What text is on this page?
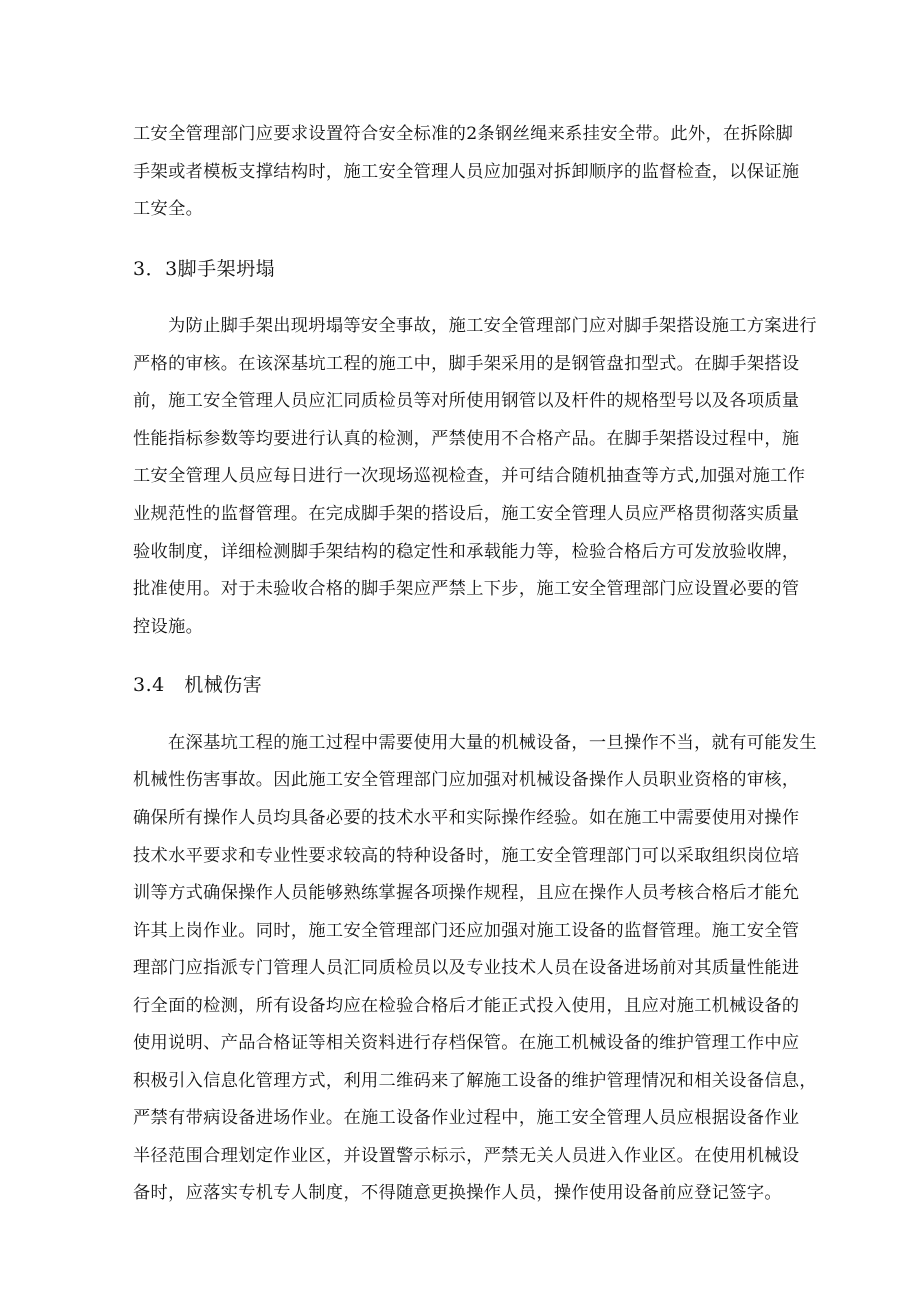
工安全管理部门应要求设置符合安全标准的2条钢丝绳来系挂安全带。此外，在拆除脚
手架或者模板支撑结构时，施工安全管理人员应加强对拆卸顺序的监督检查，以保证施
工安全。
3．3脚手架坍塌
为防止脚手架出现坍塌等安全事故，施工安全管理部门应对脚手架搭设施工方案进行
严格的审核。在该深基坑工程的施工中，脚手架采用的是钢管盘扣型式。在脚手架搭设
前，施工安全管理人员应汇同质检员等对所使用钢管以及杆件的规格型号以及各项质量
性能指标参数等均要进行认真的检测，严禁使用不合格产品。在脚手架搭设过程中，施
工安全管理人员应每日进行一次现场巡视检查，并可结合随机抽查等方式,加强对施工作
业规范性的监督管理。在完成脚手架的搭设后，施工安全管理人员应严格贯彻落实质量
验收制度，详细检测脚手架结构的稳定性和承载能力等，检验合格后方可发放验收牌，
批准使用。对于未验收合格的脚手架应严禁上下步，施工安全管理部门应设置必要的管
控设施。
3.4　机械伤害
在深基坑工程的施工过程中需要使用大量的机械设备，一旦操作不当，就有可能发生
机械性伤害事故。因此施工安全管理部门应加强对机械设备操作人员职业资格的审核，
确保所有操作人员均具备必要的技术水平和实际操作经验。如在施工中需要使用对操作
技术水平要求和专业性要求较高的特种设备时，施工安全管理部门可以采取组织岗位培
训等方式确保操作人员能够熟练掌握各项操作规程，且应在操作人员考核合格后才能允
许其上岗作业。同时，施工安全管理部门还应加强对施工设备的监督管理。施工安全管
理部门应指派专门管理人员汇同质检员以及专业技术人员在设备进场前对其质量性能进
行全面的检测，所有设备均应在检验合格后才能正式投入使用，且应对施工机械设备的
使用说明、产品合格证等相关资料进行存档保管。在施工机械设备的维护管理工作中应
积极引入信息化管理方式，利用二维码来了解施工设备的维护管理情况和相关设备信息，
严禁有带病设备进场作业。在施工设备作业过程中，施工安全管理人员应根据设备作业
半径范围合理划定作业区，并设置警示标示，严禁无关人员进入作业区。在使用机械设
备时，应落实专机专人制度，不得随意更换操作人员，操作使用设备前应登记签字。
